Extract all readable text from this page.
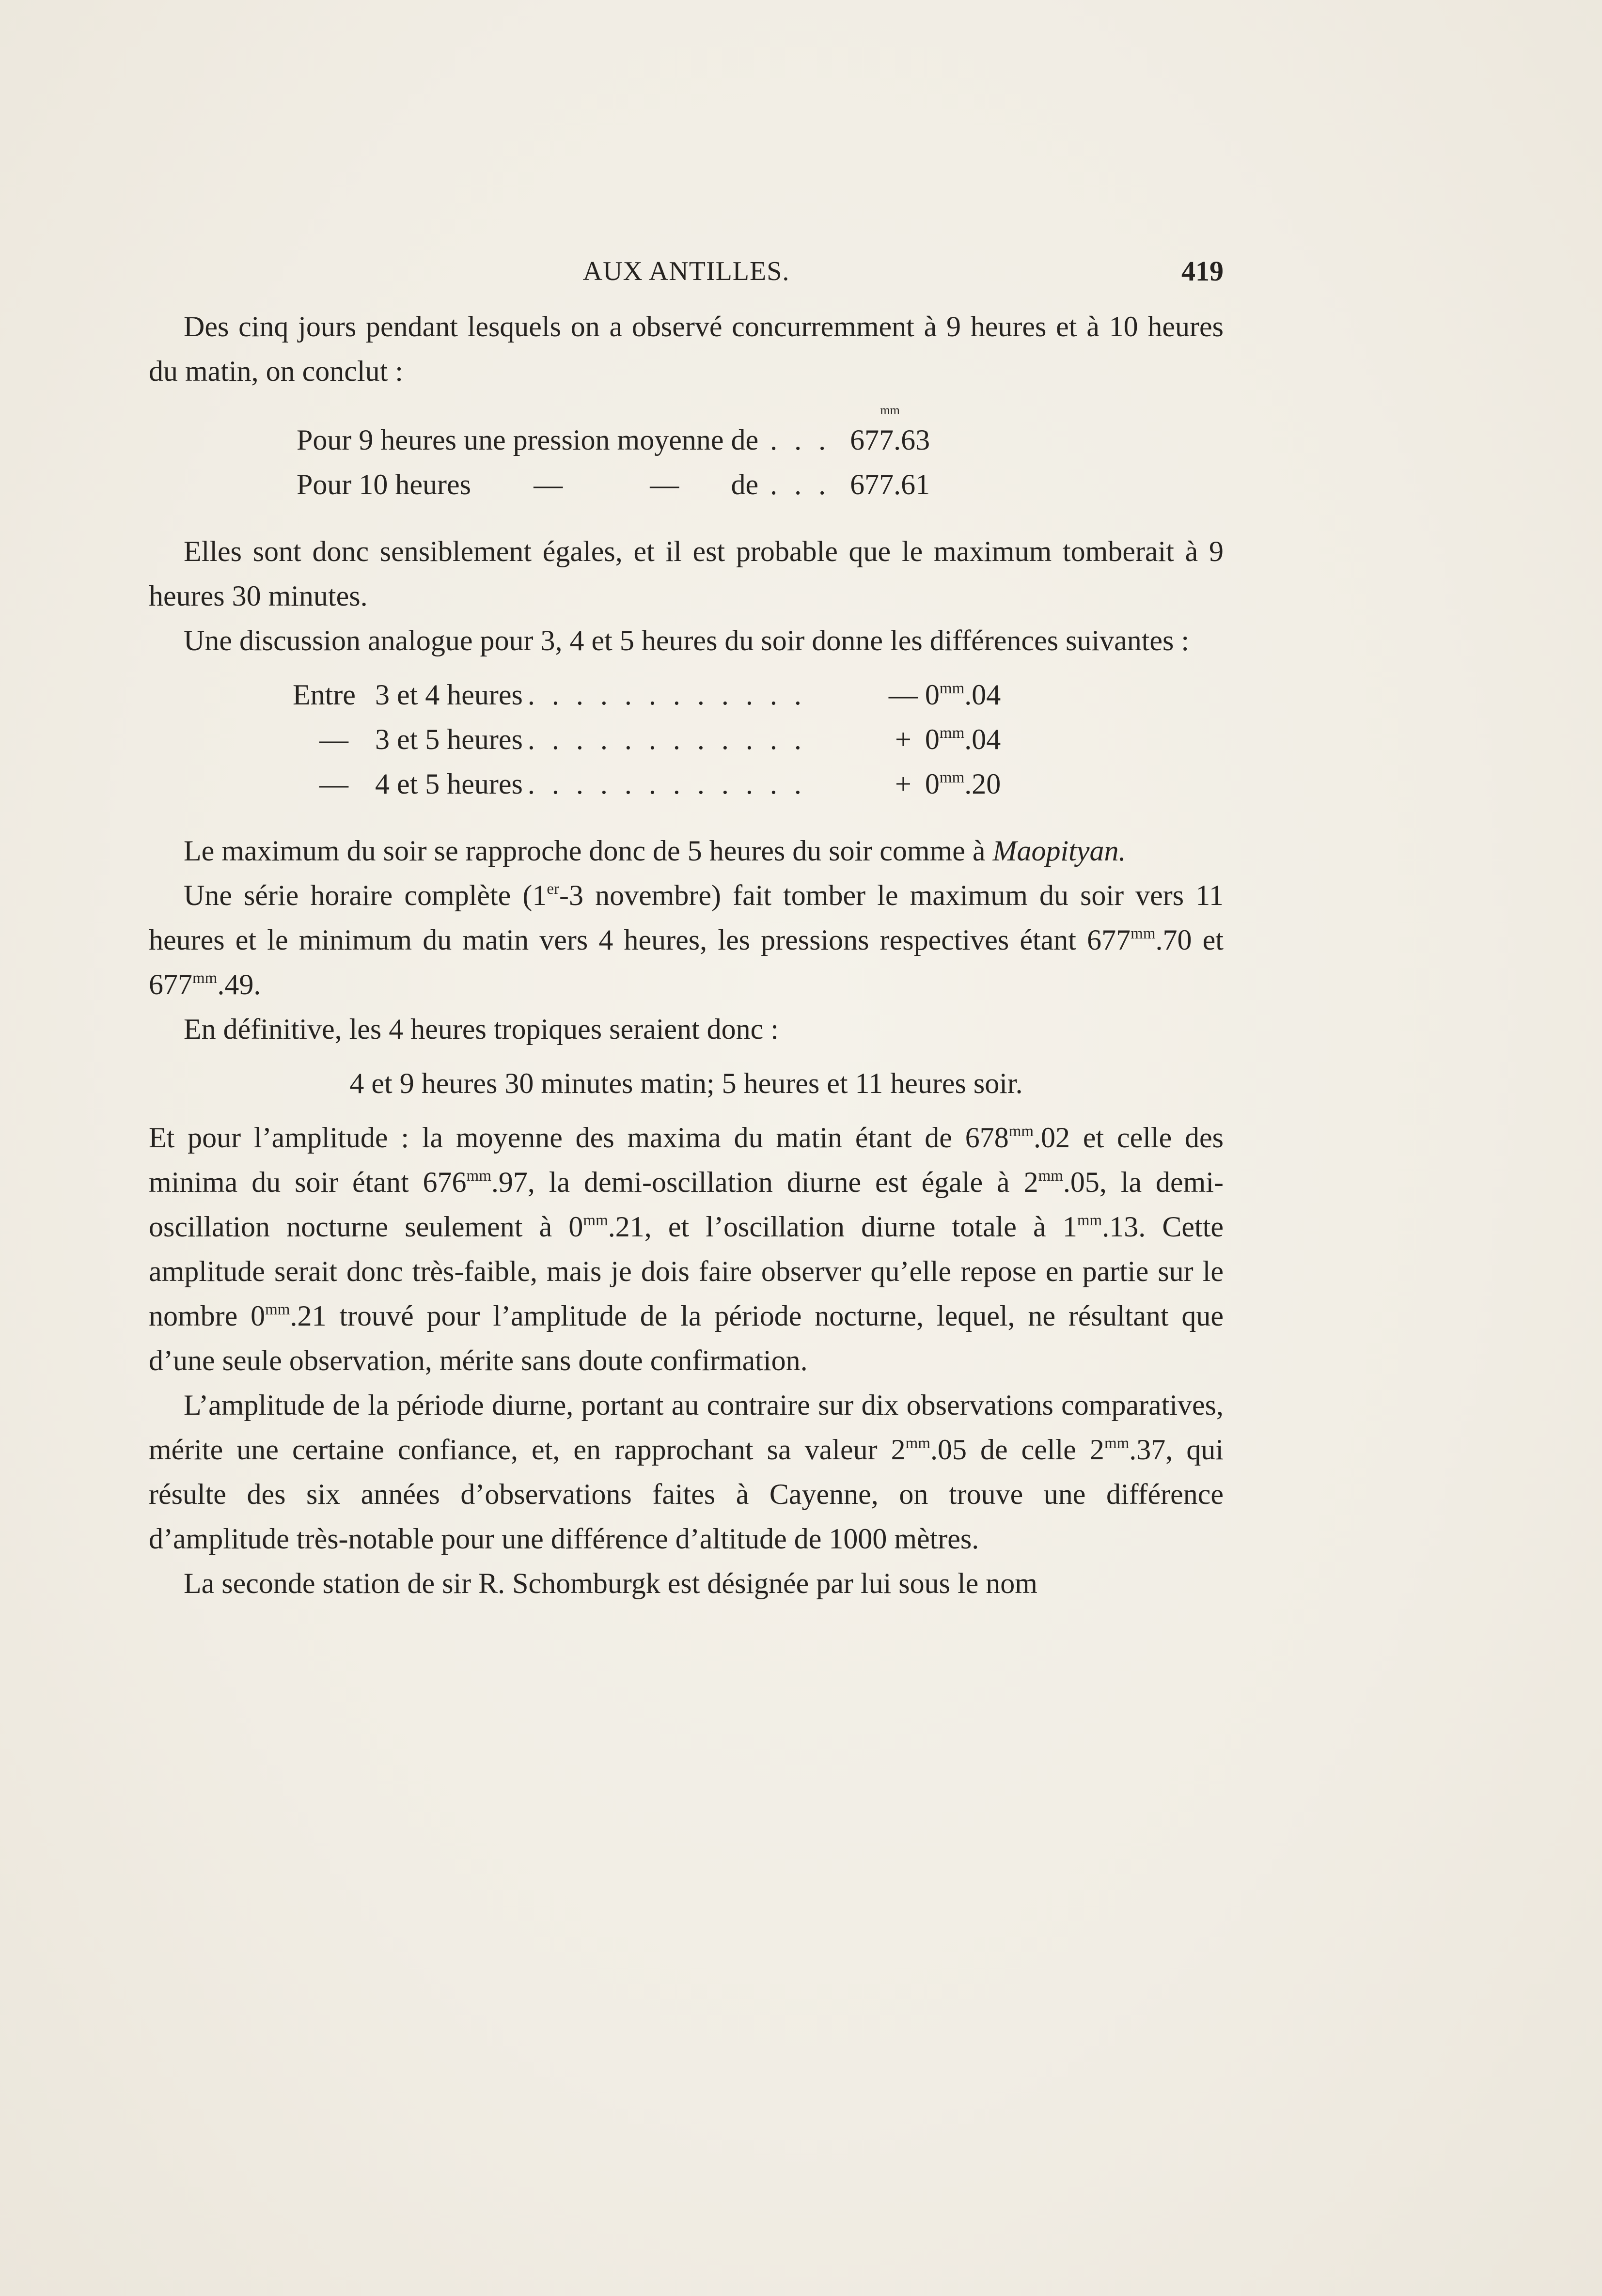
AUX ANTILLES.	419

Des cinq jours pendant lesquels on a observé concurremment à 9 heures et à 10 heures du matin, on conclut :

						mm
Pour 9 heures une pression moyenne de					. . .	677.63
Pour 10 heures	—	—		de	. . .	677.61

Elles sont donc sensiblement égales, et il est probable que le maximum tomberait à 9 heures 30 minutes.

Une discussion analogue pour 3, 4 et 5 heures du soir donne les différences suivantes :

Entre	3 et 4 heures	. . . . . . . . . . . .	—	$0^{mm}.04$
—	3 et 5 heures	. . . . . . . . . . . .	+	$0^{mm}.04$
—	4 et 5 heures	. . . . . . . . . . . .	+	$0^{mm}.20$

Le maximum du soir se rapproche donc de 5 heures du soir comme à Maopityan.

Une série horaire complète (1er-3 novembre) fait tomber le maximum du soir vers 11 heures et le minimum du matin vers 4 heures, les pressions respectives étant $677^{mm}.70$ et $677^{mm}.49$.

En définitive, les 4 heures tropiques seraient donc :

4 et 9 heures 30 minutes matin; 5 heures et 11 heures soir.

Et pour l’amplitude : la moyenne des maxima du matin étant de $678^{mm}.02$ et celle des minima du soir étant $676^{mm}.97$, la demi-oscillation diurne est égale à $2^{mm}.05$, la demi-oscillation nocturne seulement à $0^{mm}.21$, et l’oscillation diurne totale à $1^{mm}.13$. Cette amplitude serait donc très-faible, mais je dois faire observer qu’elle repose en partie sur le nombre $0^{mm}.21$ trouvé pour l’amplitude de la période nocturne, lequel, ne résultant que d’une seule observation, mérite sans doute confirmation.

L’amplitude de la période diurne, portant au contraire sur dix observations comparatives, mérite une certaine confiance, et, en rapprochant sa valeur $2^{mm}.05$ de celle $2^{mm}.37$, qui résulte des six années d’observations faites à Cayenne, on trouve une différence d’amplitude très-notable pour une différence d’altitude de 1000 mètres.

La seconde station de sir R. Schomburgk est désignée par lui sous le nom
